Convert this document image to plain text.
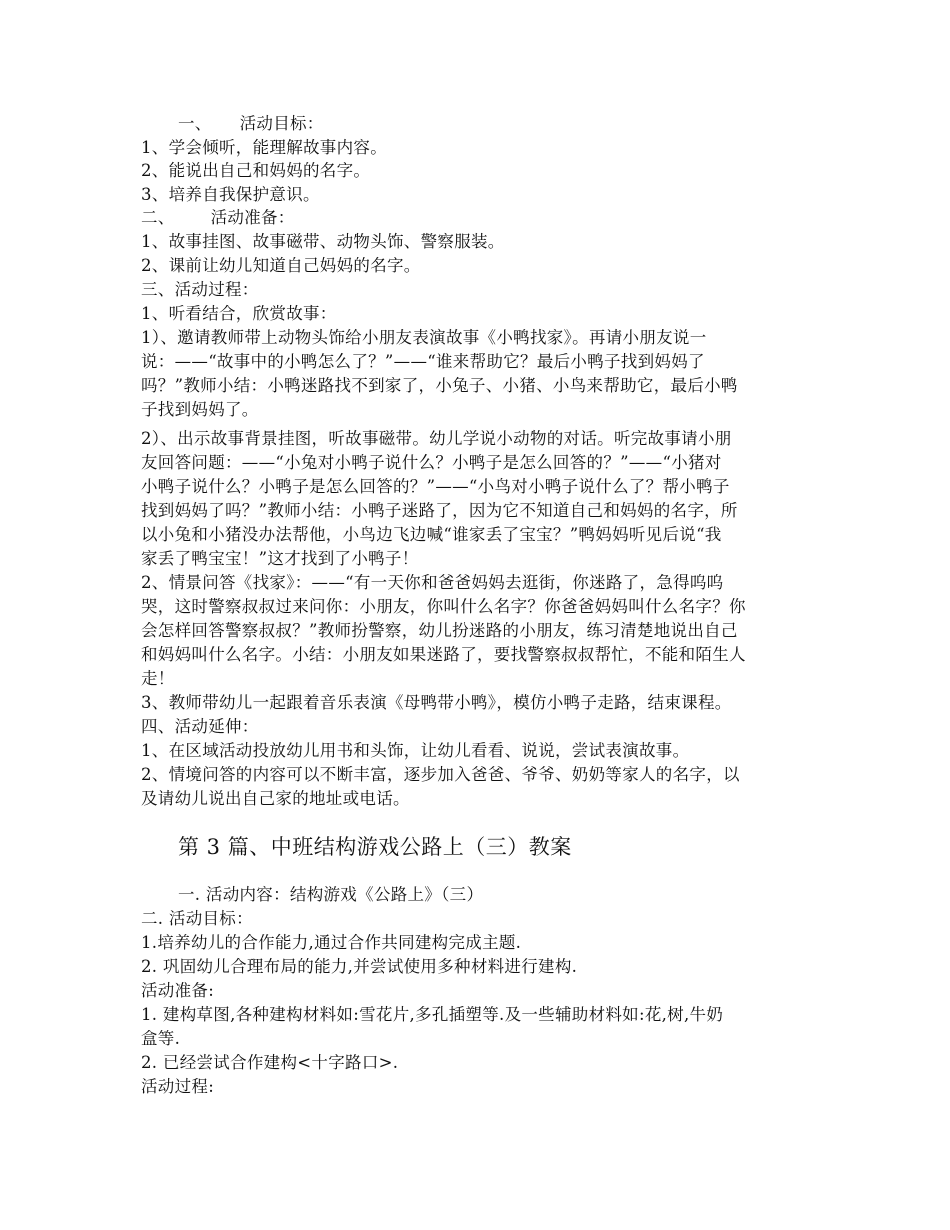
一、 活动目标：
1、学会倾听，能理解故事内容。
2、能说出自己和妈妈的名字。
3、培养自我保护意识。
二、 活动准备：
1、故事挂图、故事磁带、动物头饰、警察服装。
2、课前让幼儿知道自己妈妈的名字。
三、活动过程：
1、听看结合，欣赏故事：
1）、邀请教师带上动物头饰给小朋友表演故事《小鸭找家》。再请小朋友说一
说：——“故事中的小鸭怎么了？”——“谁来帮助它？最后小鸭子找到妈妈了
吗？”教师小结：小鸭迷路找不到家了，小兔子、小猪、小鸟来帮助它，最后小鸭
子找到妈妈了。
2）、出示故事背景挂图，听故事磁带。幼儿学说小动物的对话。听完故事请小朋
友回答问题：——“小兔对小鸭子说什么？小鸭子是怎么回答的？”——“小猪对
小鸭子说什么？小鸭子是怎么回答的？”——“小鸟对小鸭子说什么了？帮小鸭子
找到妈妈了吗？”教师小结：小鸭子迷路了，因为它不知道自己和妈妈的名字，所
以小兔和小猪没办法帮他，小鸟边飞边喊“谁家丢了宝宝？”鸭妈妈听见后说“我
家丢了鸭宝宝！”这才找到了小鸭子！
2、情景问答《找家》：——“有一天你和爸爸妈妈去逛街，你迷路了，急得呜呜
哭，这时警察叔叔过来问你：小朋友，你叫什么名字？你爸爸妈妈叫什么名字？你
会怎样回答警察叔叔？”教师扮警察，幼儿扮迷路的小朋友，练习清楚地说出自己
和妈妈叫什么名字。小结：小朋友如果迷路了，要找警察叔叔帮忙，不能和陌生人
走！
3、教师带幼儿一起跟着音乐表演《母鸭带小鸭》，模仿小鸭子走路，结束课程。
四、活动延伸：
1、在区域活动投放幼儿用书和头饰，让幼儿看看、说说，尝试表演故事。
2、情境问答的内容可以不断丰富，逐步加入爸爸、爷爷、奶奶等家人的名字，以
及请幼儿说出自己家的地址或电话。
第 3 篇、中班结构游戏公路上（三）教案
一. 活动内容：结构游戏《公路上》（三）
二. 活动目标：
1.培养幼儿的合作能力,通过合作共同建构完成主题.
2. 巩固幼儿合理布局的能力,并尝试使用多种材料进行建构.
活动准备:
1. 建构草图,各种建构材料如:雪花片,多孔插塑等.及一些辅助材料如:花,树,牛奶
盒等.
2. 已经尝试合作建构<十字路口>.
活动过程:
